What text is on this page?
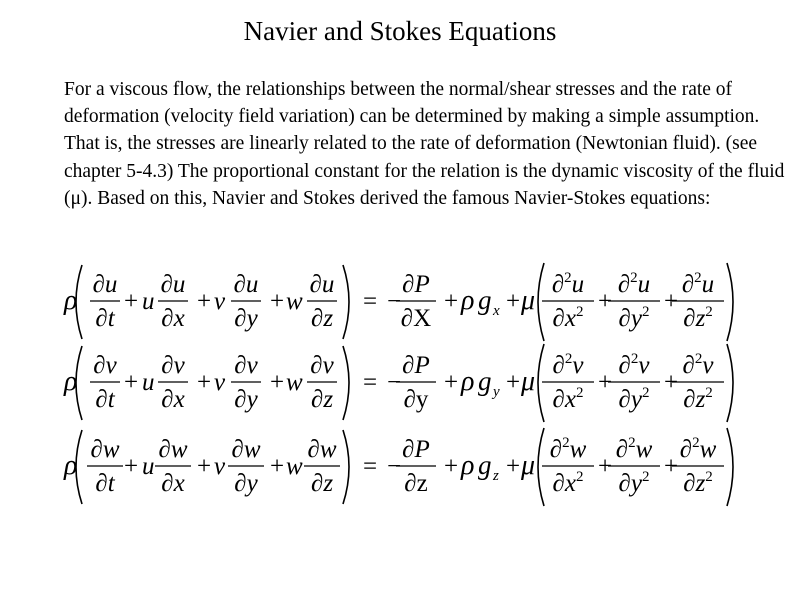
Navier and Stokes Equations

For a viscous flow, the relationships between the normal/shear stresses and the rate of deformation (velocity field variation) can be determined by making a simple assumption. That is, the stresses are linearly related to the rate of deformation (Newtonian fluid). (see chapter 5-4.3) The proportional constant for the relation is the dynamic viscosity of the fluid (μ). Based on this, Navier and Stokes derived the famous Navier-Stokes equations:

ρ
∂u
∂t
+ u
∂u
∂x
+ v
∂u
∂y
+ w
∂u
∂z
= −
∂P
∂X
+ ρ g x + μ
∂$^2$u
$\partial x^2$ +
∂$^2$u
$\partial y^2$ +
∂$^2$u
$\partial z^2$
ρ
∂v
∂t
+ u
∂v
∂x
+ v
∂v
∂y
+ w
∂v
∂z
= −
∂P
∂y
+ ρ g y + μ
∂$^2$v
$\partial x^2$ +
∂$^2$v
$\partial y^2$ +
∂$^2$v
$\partial z^2$
ρ
∂w
∂t
+ u
∂w
∂x
+ v
∂w
∂y
+ w
∂w
∂z
= −
∂P
∂z
+ ρ g z + μ
∂$^2$w
$\partial x^2$ +
∂$^2$w
$\partial y^2$ +
∂$^2$w
$\partial z^2$
